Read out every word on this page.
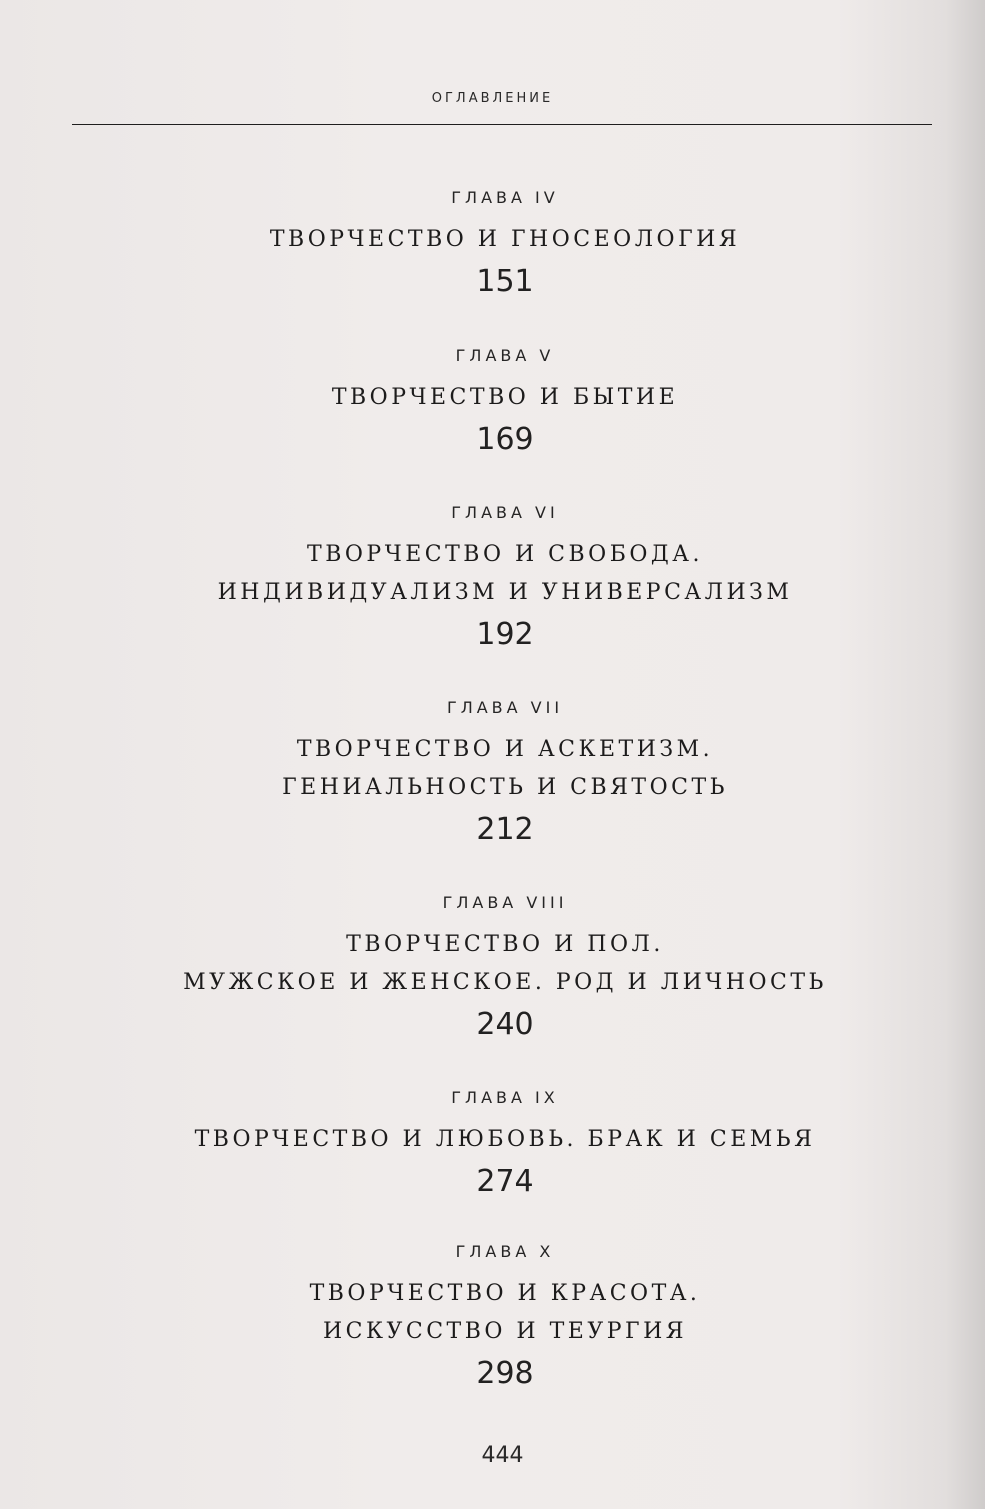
ОГЛАВЛЕНИЕ
ГЛАВА IV
ТВОРЧЕСТВО И ГНОСЕОЛОГИЯ
151
ГЛАВА V
ТВОРЧЕСТВО И БЫТИЕ
169
ГЛАВА VI
ТВОРЧЕСТВО И СВОБОДА.
ИНДИВИДУАЛИЗМ И УНИВЕРСАЛИЗМ
192
ГЛАВА VII
ТВОРЧЕСТВО И АСКЕТИЗМ.
ГЕНИАЛЬНОСТЬ И СВЯТОСТЬ
212
ГЛАВА VIII
ТВОРЧЕСТВО И ПОЛ.
МУЖСКОЕ И ЖЕНСКОЕ. РОД И ЛИЧНОСТЬ
240
ГЛАВА IX
ТВОРЧЕСТВО И ЛЮБОВЬ. БРАК И СЕМЬЯ
274
ГЛАВА X
ТВОРЧЕСТВО И КРАСОТА.
ИСКУССТВО И ТЕУРГИЯ
298
444
